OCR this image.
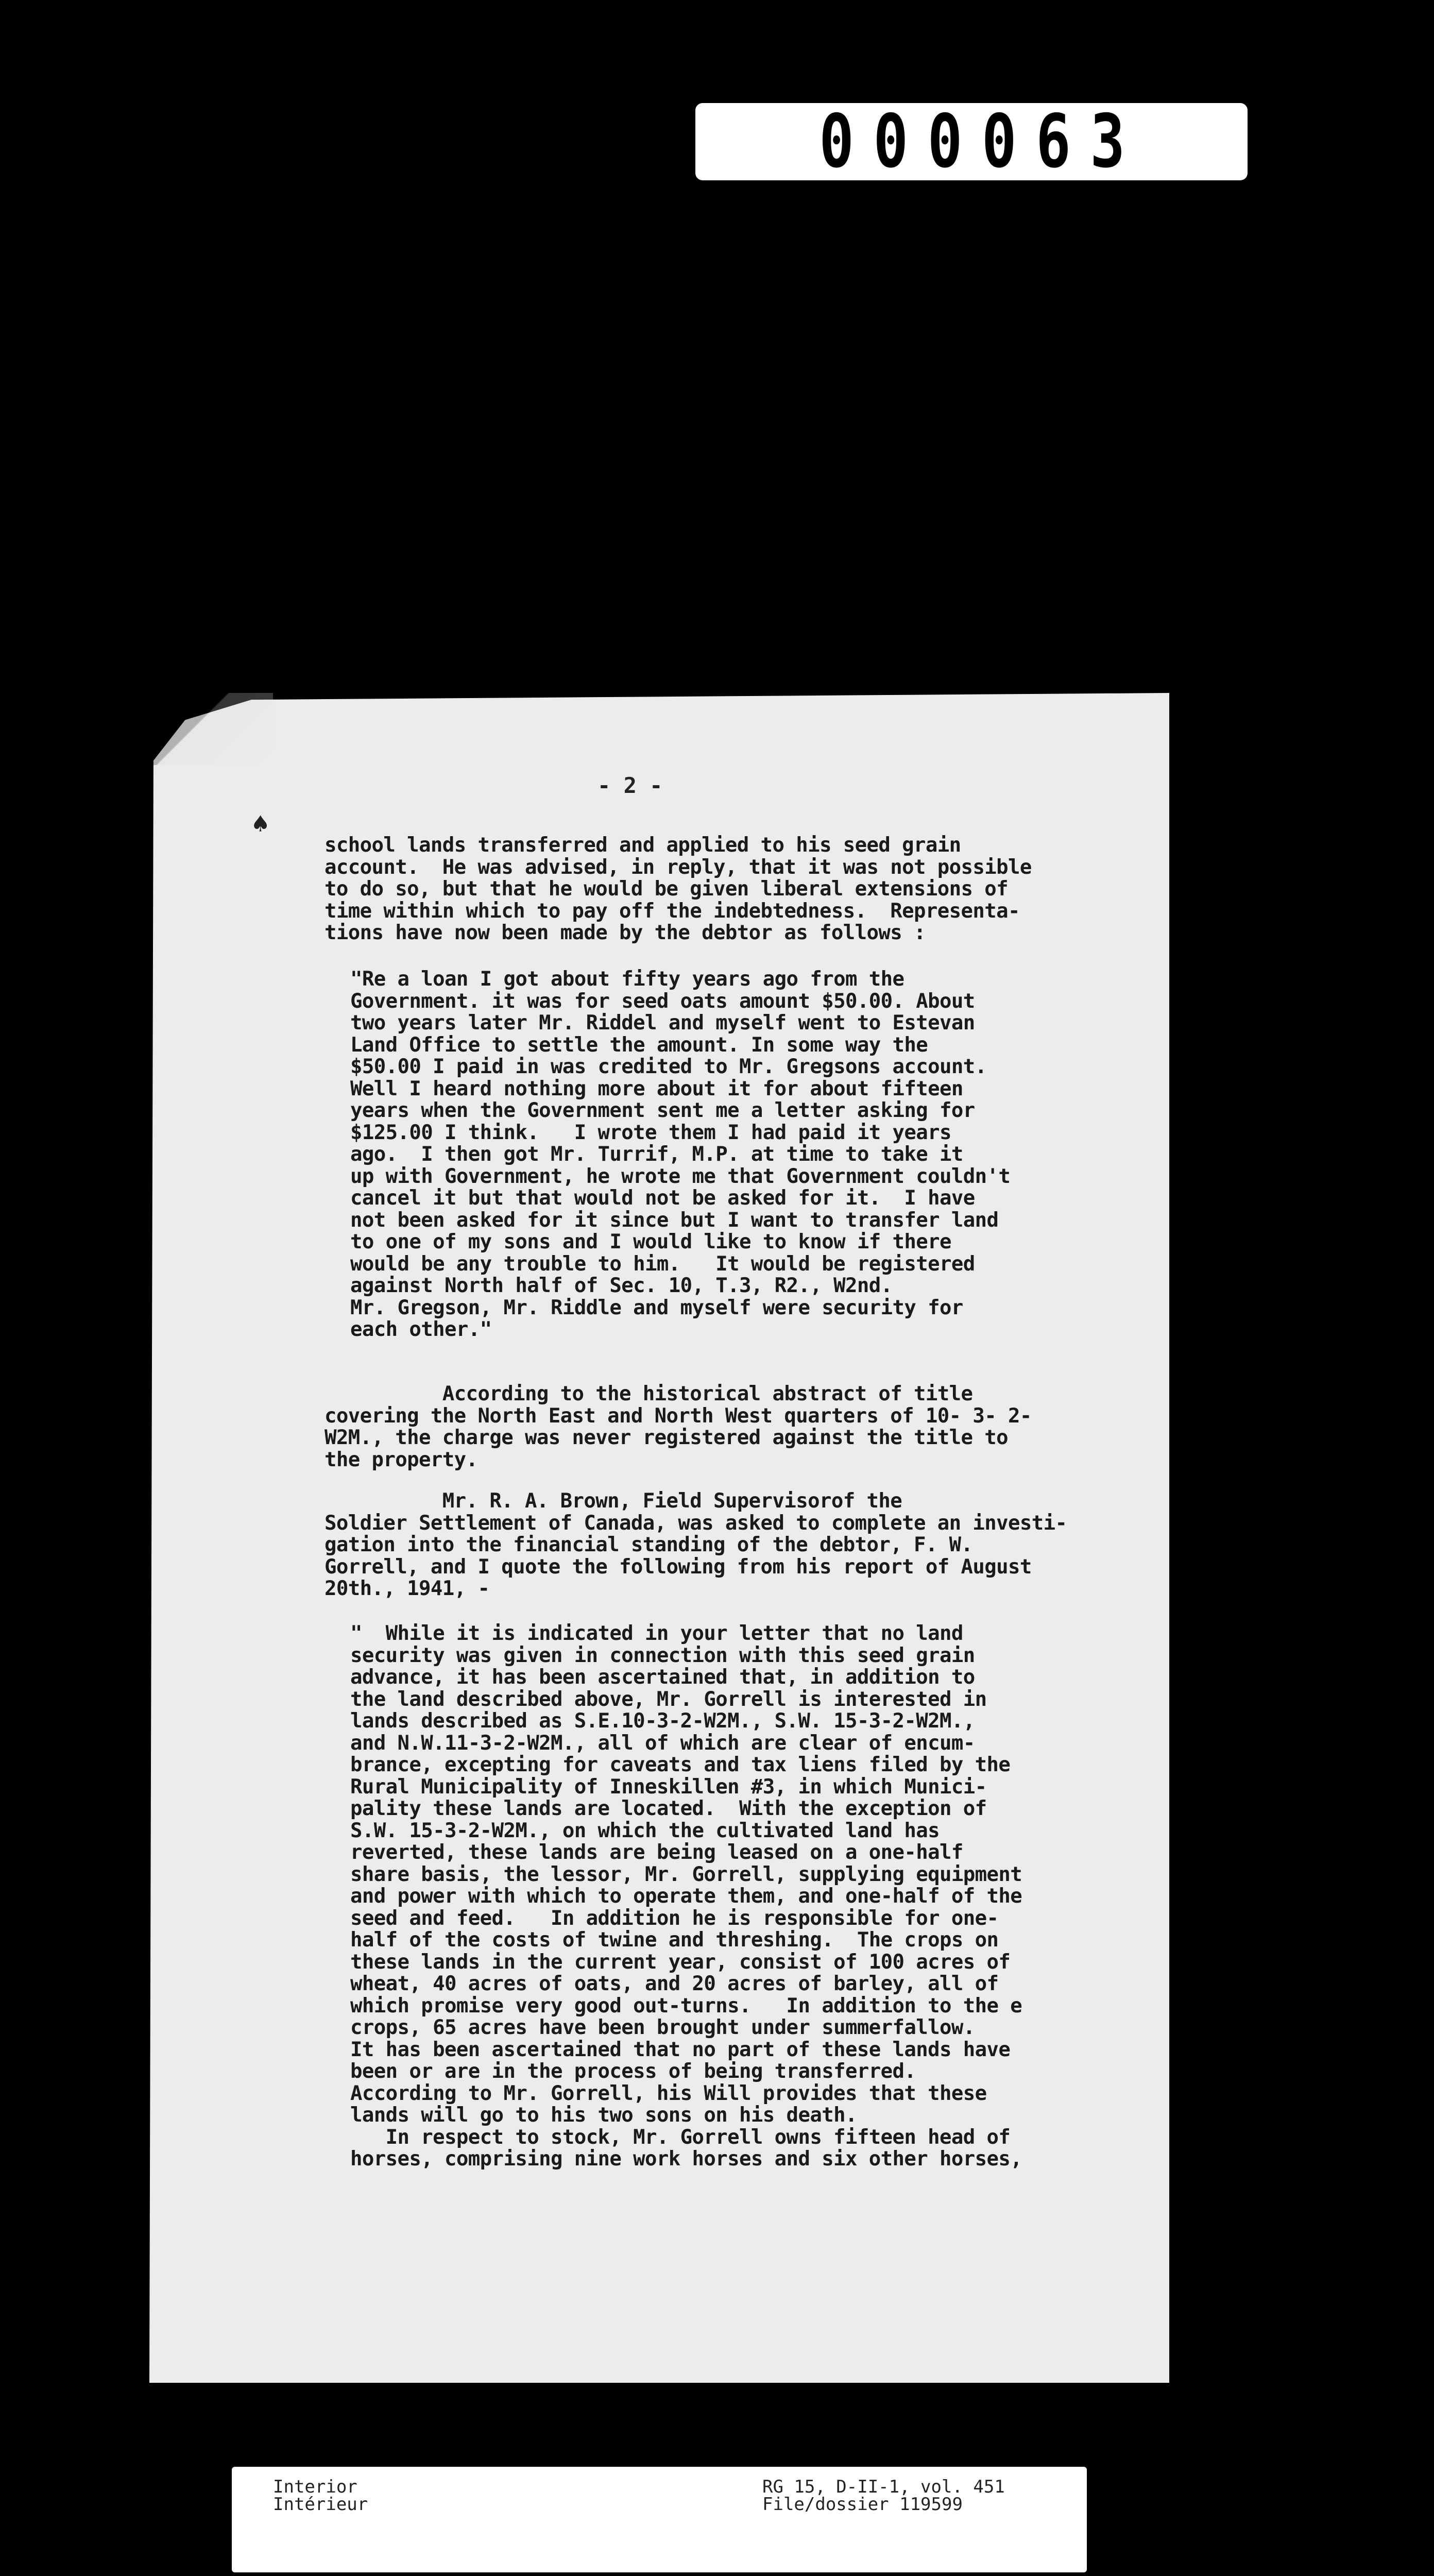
000063
- 2 -
♠
school lands transferred and applied to his seed grain
account.  He was advised, in reply, that it was not possible
to do so, but that he would be given liberal extensions of
time within which to pay off the indebtedness.  Representa-
tions have now been made by the debtor as follows :
"Re a loan I got about fifty years ago from the
Government. it was for seed oats amount $50.00. About
two years later Mr. Riddel and myself went to Estevan
Land Office to settle the amount. In some way the
$50.00 I paid in was credited to Mr. Gregsons account.
Well I heard nothing more about it for about fifteen
years when the Government sent me a letter asking for
$125.00 I think.   I wrote them I had paid it years
ago.  I then got Mr. Turrif, M.P. at time to take it
up with Government, he wrote me that Government couldn't
cancel it but that would not be asked for it.  I have
not been asked for it since but I want to transfer land
to one of my sons and I would like to know if there
would be any trouble to him.   It would be registered
against North half of Sec. 10, T.3, R2., W2nd.
Mr. Gregson, Mr. Riddle and myself were security for
each other."
According to the historical abstract of title
covering the North East and North West quarters of 10- 3- 2-
W2M., the charge was never registered against the title to
the property.
Mr. R. A. Brown, Field Supervisorof the
Soldier Settlement of Canada, was asked to complete an investi-
gation into the financial standing of the debtor, F. W.
Gorrell, and I quote the following from his report of August
20th., 1941, -
"  While it is indicated in your letter that no land
security was given in connection with this seed grain
advance, it has been ascertained that, in addition to
the land described above, Mr. Gorrell is interested in
lands described as S.E.10-3-2-W2M., S.W. 15-3-2-W2M.,
and N.W.11-3-2-W2M., all of which are clear of encum-
brance, excepting for caveats and tax liens filed by the
Rural Municipality of Inneskillen #3, in which Munici-
pality these lands are located.  With the exception of
S.W. 15-3-2-W2M., on which the cultivated land has
reverted, these lands are being leased on a one-half
share basis, the lessor, Mr. Gorrell, supplying equipment
and power with which to operate them, and one-half of the
seed and feed.   In addition he is responsible for one-
half of the costs of twine and threshing.  The crops on
these lands in the current year, consist of 100 acres of
wheat, 40 acres of oats, and 20 acres of barley, all of
which promise very good out-turns.   In addition to the e
crops, 65 acres have been brought under summerfallow.
It has been ascertained that no part of these lands have
been or are in the process of being transferred.
According to Mr. Gorrell, his Will provides that these
lands will go to his two sons on his death.
In respect to stock, Mr. Gorrell owns fifteen head of
horses, comprising nine work horses and six other horses,
Interior
Intérieur
RG 15, D-II-1, vol. 451
File/dossier 119599
